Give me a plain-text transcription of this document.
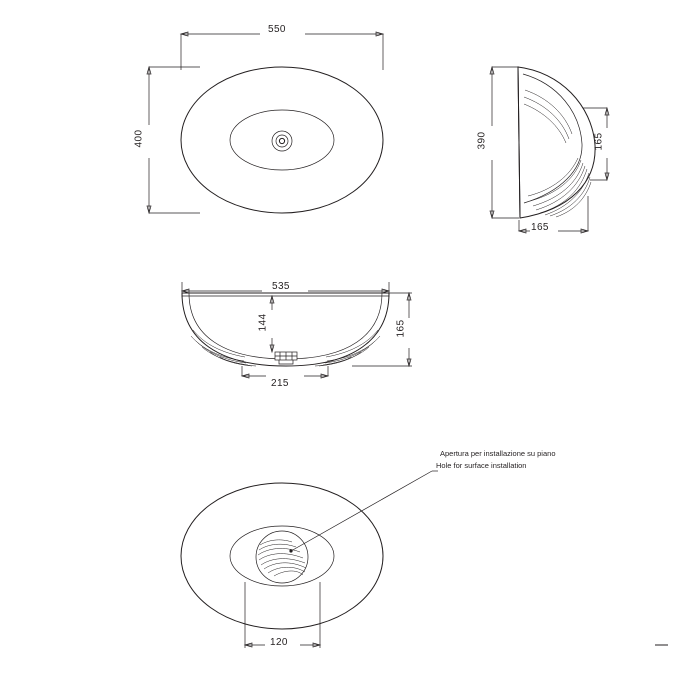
550
400	390	165
165
535
144	165
215
120
Apertura per installazione su piano
Hole for surface installation
